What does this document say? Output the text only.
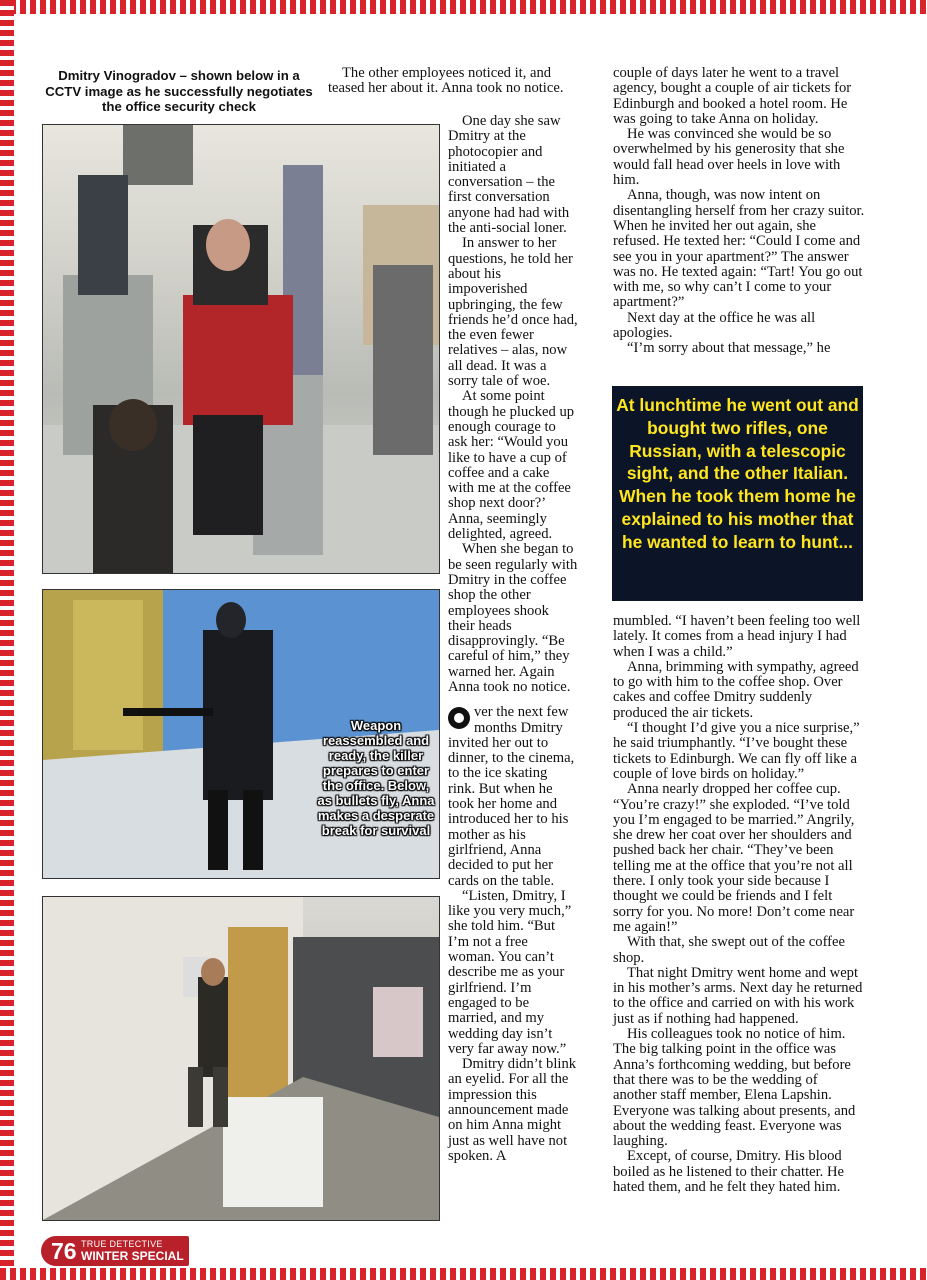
Dmitry Vinogradov – shown below in a CCTV image as he successfully negotiates the office security check
Weapon reassembled and ready, the killer prepares to enter the office. Below, as bullets fly, Anna makes a desperate break for survival

The other employees noticed it, and teased her about it. Anna took no notice.

One day she saw Dmitry at the photocopier and initiated a conversation – the first conversation anyone had had with the anti-social loner.

In answer to her questions, he told her about his impoverished upbringing, the few friends he’d once had, the even fewer relatives – alas, now all dead. It was a sorry tale of woe.

At some point though he plucked up enough courage to ask her: “Would you like to have a cup of coffee and a cake with me at the coffee shop next door?’ Anna, seemingly delighted, agreed.

When she began to be seen regularly with Dmitry in the coffee shop the other employees shook their heads disapprovingly. “Be careful of him,” they warned her. Again Anna took no notice.

ver the next few months Dmitry invited her out to dinner, to the cinema, to the ice skating rink. But when he took her home and introduced her to his mother as his girlfriend, Anna decided to put her cards on the table.

“Listen, Dmitry, I like you very much,” she told him. “But I’m not a free woman. You can’t describe me as your girlfriend. I’m engaged to be married, and my wedding day isn’t very far away now.”

Dmitry didn’t blink an eyelid. For all the impression this announcement made on him Anna might just as well have not spoken. A

couple of days later he went to a travel agency, bought a couple of air tickets for Edinburgh and booked a hotel room. He was going to take Anna on holiday.

He was convinced she would be so overwhelmed by his generosity that she would fall head over heels in love with him.

Anna, though, was now intent on disentangling herself from her crazy suitor. When he invited her out again, she refused. He texted her: “Could I come and see you in your apartment?” The answer was no. He texted again: “Tart! You go out with me, so why can’t I come to your apartment?”

Next day at the office he was all apologies.

“I’m sorry about that message,” he

At lunchtime he went out and bought two rifles, one Russian, with a telescopic sight, and the other Italian. When he took them home he explained to his mother that he wanted to learn to hunt...

mumbled. “I haven’t been feeling too well lately. It comes from a head injury I had when I was a child.”

Anna, brimming with sympathy, agreed to go with him to the coffee shop. Over cakes and coffee Dmitry suddenly produced the air tickets.

“I thought I’d give you a nice surprise,” he said triumphantly. “I’ve bought these tickets to Edinburgh. We can fly off like a couple of love birds on holiday.”

Anna nearly dropped her coffee cup. “You’re crazy!” she exploded. “I’ve told you I’m engaged to be married.” Angrily, she drew her coat over her shoulders and pushed back her chair. “They’ve been telling me at the office that you’re not all there. I only took your side because I thought we could be friends and I felt sorry for you. No more! Don’t come near me again!”

With that, she swept out of the coffee shop.

That night Dmitry went home and wept in his mother’s arms. Next day he returned to the office and carried on with his work just as if nothing had happened.

His colleagues took no notice of him. The big talking point in the office was Anna’s forthcoming wedding, but before that there was to be the wedding of another staff member, Elena Lapshin. Everyone was talking about presents, and about the wedding feast. Everyone was laughing.

Except, of course, Dmitry. His blood boiled as he listened to their chatter. He hated them, and he felt they hated him.

76 TRUE DETECTIVE
WINTER SPECIAL
